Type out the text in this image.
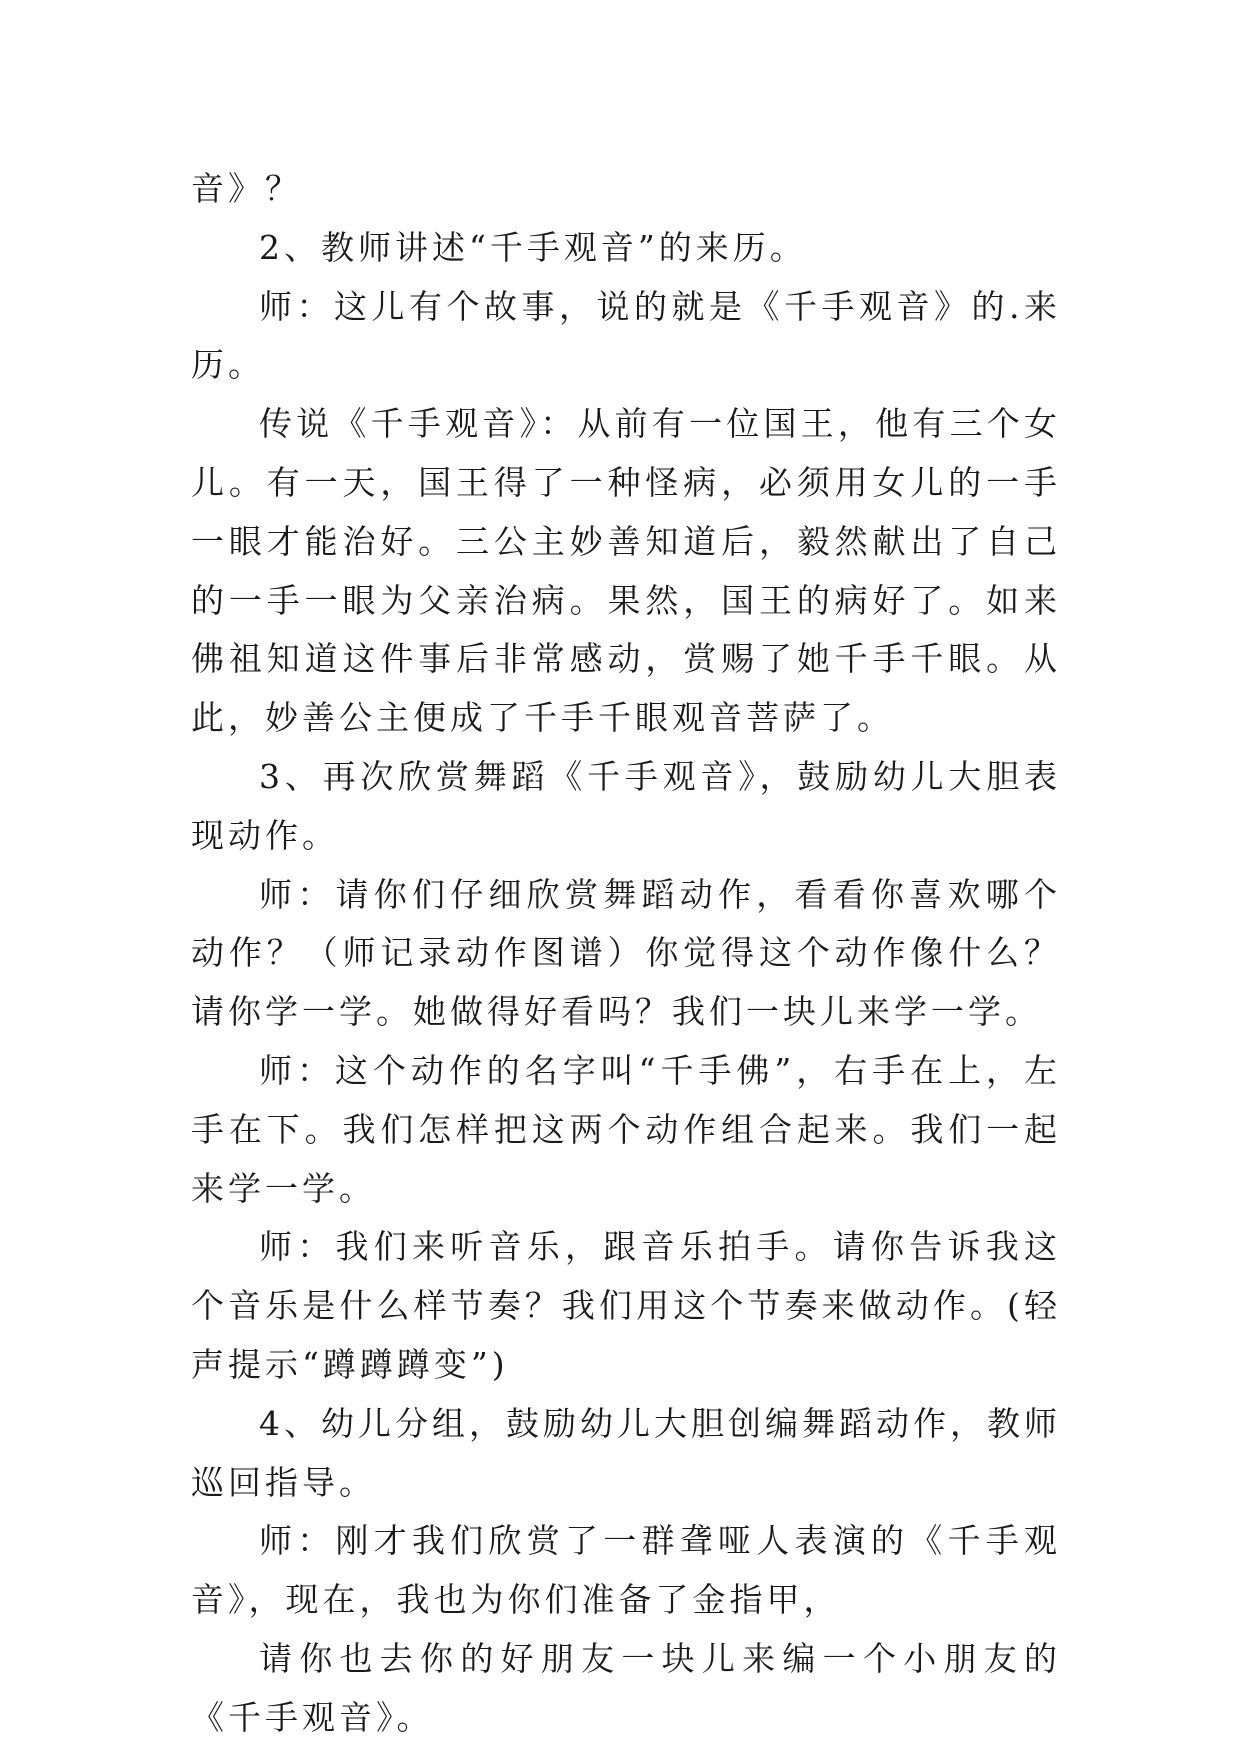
音》？

2、教师讲述“千手观音”的来历。

师：这儿有个故事，说的就是《千手观音》的.来历。

传说《千手观音》：从前有一位国王，他有三个女儿。有一天，国王得了一种怪病，必须用女儿的一手一眼才能治好。三公主妙善知道后，毅然献出了自己的一手一眼为父亲治病。果然，国王的病好了。如来佛祖知道这件事后非常感动，赏赐了她千手千眼。从此，妙善公主便成了千手千眼观音菩萨了。

3、再次欣赏舞蹈《千手观音》，鼓励幼儿大胆表现动作。

师：请你们仔细欣赏舞蹈动作，看看你喜欢哪个动作？（师记录动作图谱）你觉得这个动作像什么？请你学一学。她做得好看吗？我们一块儿来学一学。

师：这个动作的名字叫“千手佛”，右手在上，左手在下。我们怎样把这两个动作组合起来。我们一起来学一学。

师：我们来听音乐，跟音乐拍手。请你告诉我这个音乐是什么样节奏？我们用这个节奏来做动作。(轻声提示“蹲蹲蹲变”)

4、幼儿分组，鼓励幼儿大胆创编舞蹈动作，教师巡回指导。

师：刚才我们欣赏了一群聋哑人表演的《千手观音》，现在，我也为你们准备了金指甲，

请你也去你的好朋友一块儿来编一个小朋友的《千手观音》。
